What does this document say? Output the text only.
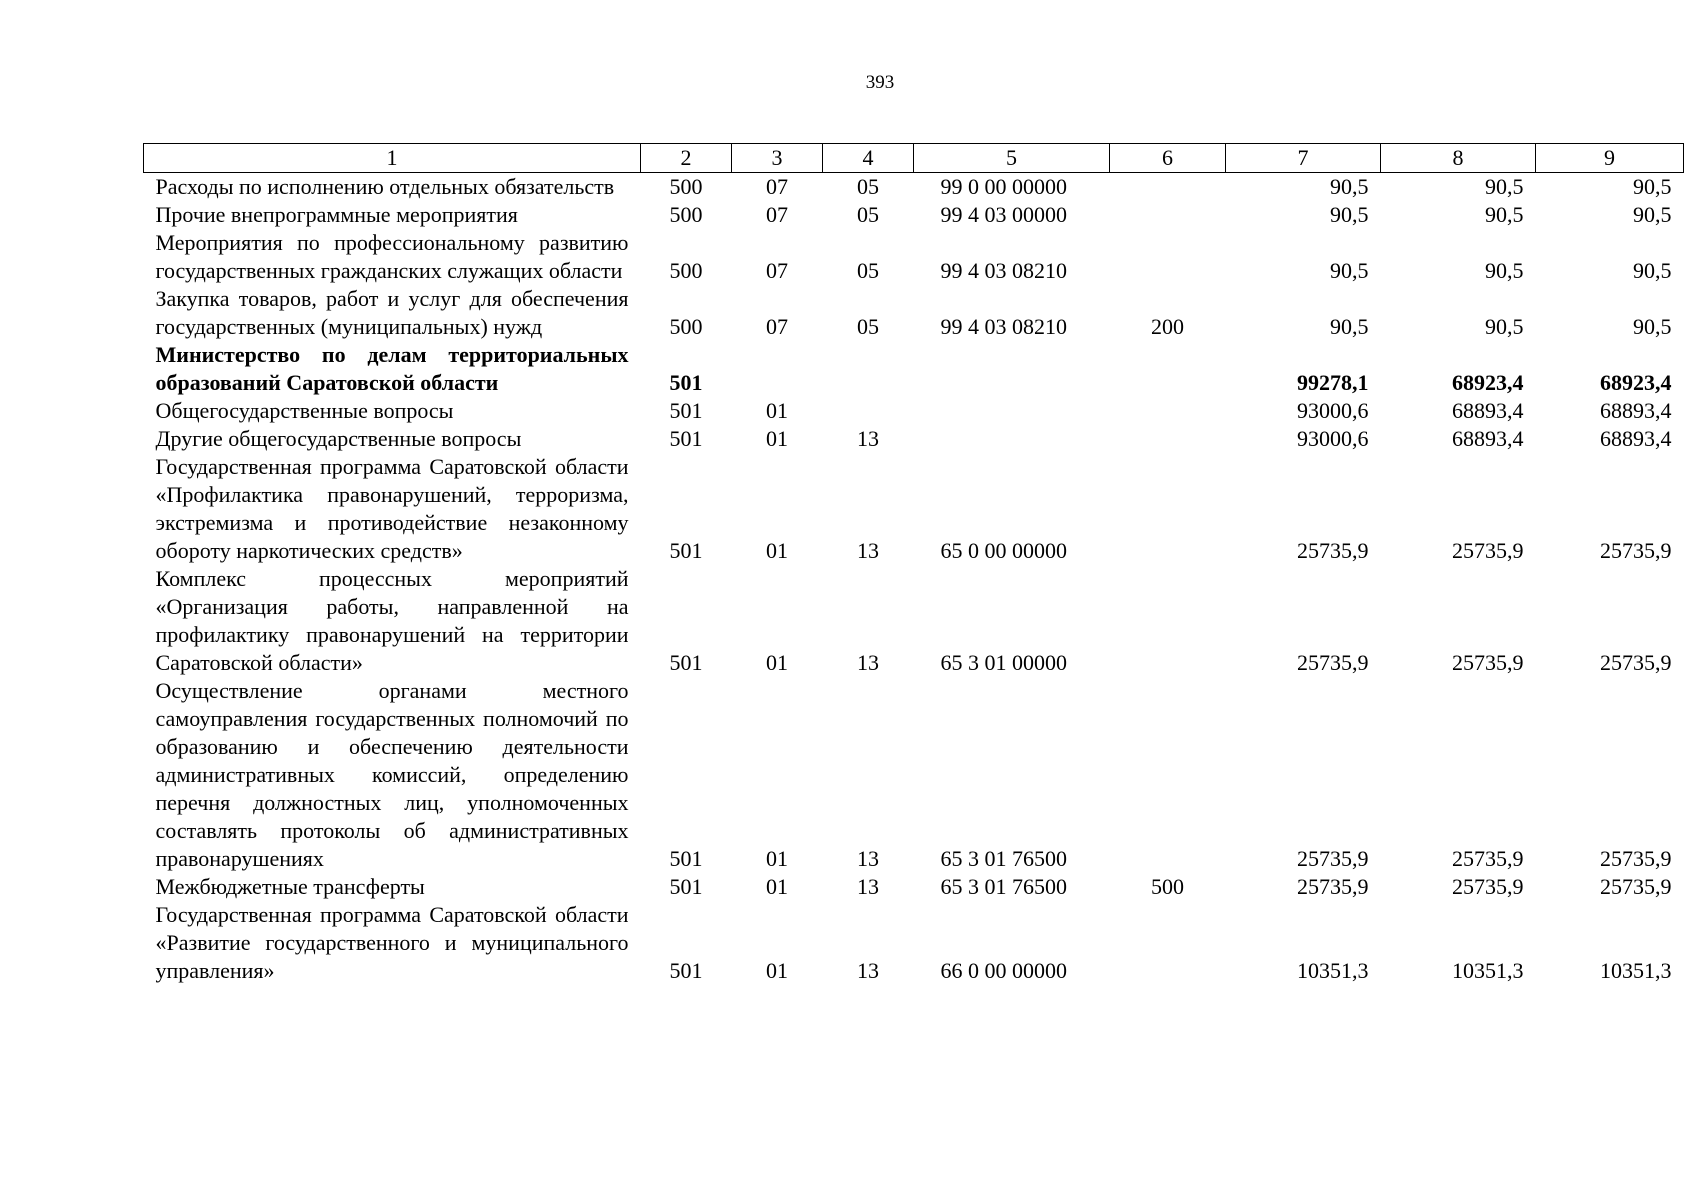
393
1	2	3	4	5	6	7	8	9
Расходы по исполнению отдельных обязательств	500	07	05	99 0 00 00000		90,5	90,5	90,5
Прочие внепрограммные мероприятия	500	07	05	99 4 03 00000		90,5	90,5	90,5
Мероприятия по профессиональному развитию государственных гражданских служащих области	500	07	05	99 4 03 08210		90,5	90,5	90,5
Закупка товаров, работ и услуг для обеспечения государственных (муниципальных) нужд	500	07	05	99 4 03 08210	200	90,5	90,5	90,5
Министерство по делам территориальных образований Саратовской области	501					99278,1	68923,4	68923,4
Общегосударственные вопросы	501	01				93000,6	68893,4	68893,4
Другие общегосударственные вопросы	501	01	13			93000,6	68893,4	68893,4
Государственная программа Саратовской области «Профилактика правонарушений, терроризма, экстремизма и противодействие незаконному обороту наркотических средств»	501	01	13	65 0 00 00000		25735,9	25735,9	25735,9
Комплекс процессных мероприятий «Организация работы, направленной на профилактику правонарушений на территории Саратовской области»	501	01	13	65 3 01 00000		25735,9	25735,9	25735,9
Осуществление органами местного самоуправления государственных полномочий по образованию и обеспечению деятельности административных комиссий, определению перечня должностных лиц, уполномоченных составлять протоколы об административных правонарушениях	501	01	13	65 3 01 76500		25735,9	25735,9	25735,9
Межбюджетные трансферты	501	01	13	65 3 01 76500	500	25735,9	25735,9	25735,9
Государственная программа Саратовской области «Развитие государственного и муниципального управления»	501	01	13	66 0 00 00000		10351,3	10351,3	10351,3
